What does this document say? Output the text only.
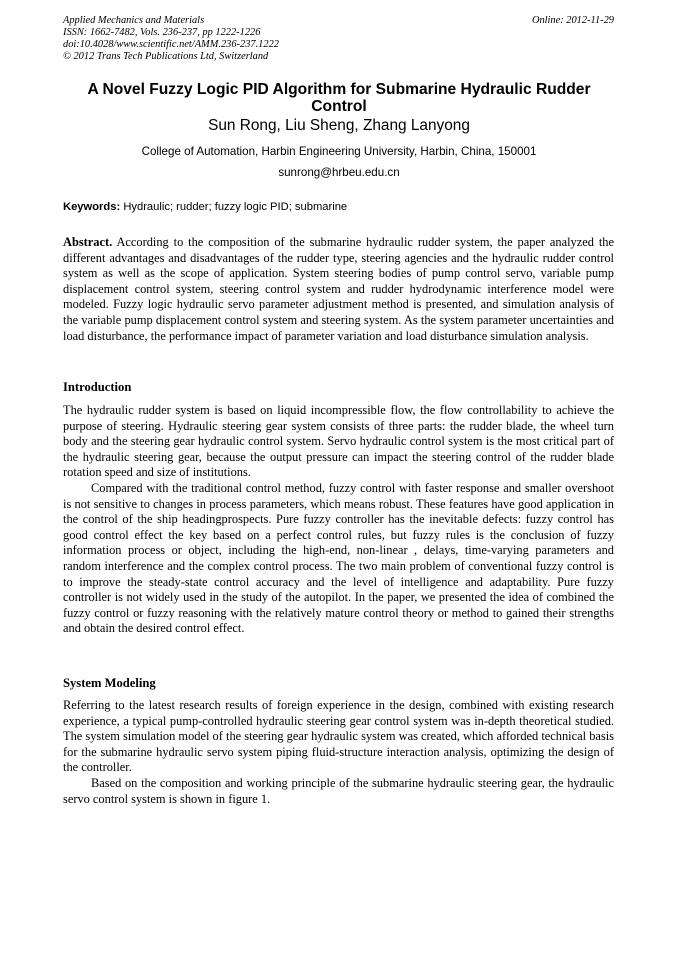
Applied Mechanics and Materials
ISSN: 1662-7482, Vols. 236-237, pp 1222-1226
doi:10.4028/www.scientific.net/AMM.236-237.1222
© 2012 Trans Tech Publications Ltd, Switzerland
Online: 2012-11-29
A Novel Fuzzy Logic PID Algorithm for Submarine Hydraulic Rudder Control
Sun Rong, Liu Sheng, Zhang Lanyong
College of Automation, Harbin Engineering University, Harbin, China, 150001
sunrong@hrbeu.edu.cn
Keywords: Hydraulic; rudder; fuzzy logic PID; submarine

Abstract. According to the composition of the submarine hydraulic rudder system, the paper analyzed the different advantages and disadvantages of the rudder type, steering agencies and the hydraulic rudder control system as well as the scope of application. System steering bodies of pump control servo, variable pump displacement control system, steering control system and rudder hydrodynamic interference model were modeled. Fuzzy logic hydraulic servo parameter adjustment method is presented, and simulation analysis of the variable pump displacement control system and steering system. As the system parameter uncertainties and load disturbance, the performance impact of parameter variation and load disturbance simulation analysis.

Introduction

The hydraulic rudder system is based on liquid incompressible flow, the flow controllability to achieve the purpose of steering. Hydraulic steering gear system consists of three parts: the rudder blade, the wheel turn body and the steering gear hydraulic control system. Servo hydraulic control system is the most critical part of the hydraulic steering gear, because the output pressure can impact the steering control of the rudder blade rotation speed and size of institutions.

Compared with the traditional control method, fuzzy control with faster response and smaller overshoot is not sensitive to changes in process parameters, which means robust. These features have good application in the control of the ship headingprospects. Pure fuzzy controller has the inevitable defects: fuzzy control has good control effect the key based on a perfect control rules, but fuzzy rules is the conclusion of fuzzy information process or object, including the high-end, non-linear , delays, time-varying parameters and random interference and the complex control process. The two main problem of conventional fuzzy control is to improve the steady-state control accuracy and the level of intelligence and adaptability. Pure fuzzy controller is not widely used in the study of the autopilot. In the paper, we presented the idea of combined the fuzzy control or fuzzy reasoning with the relatively mature control theory or method to gained their strengths and obtain the desired control effect.

System Modeling

Referring to the latest research results of foreign experience in the design, combined with existing research experience, a typical pump-controlled hydraulic steering gear control system was in-depth theoretical studied. The system simulation model of the steering gear hydraulic system was created, which afforded technical basis for the submarine hydraulic servo system piping fluid-structure interaction analysis, optimizing the design of the controller.

Based on the composition and working principle of the submarine hydraulic steering gear, the hydraulic servo control system is shown in figure 1.
